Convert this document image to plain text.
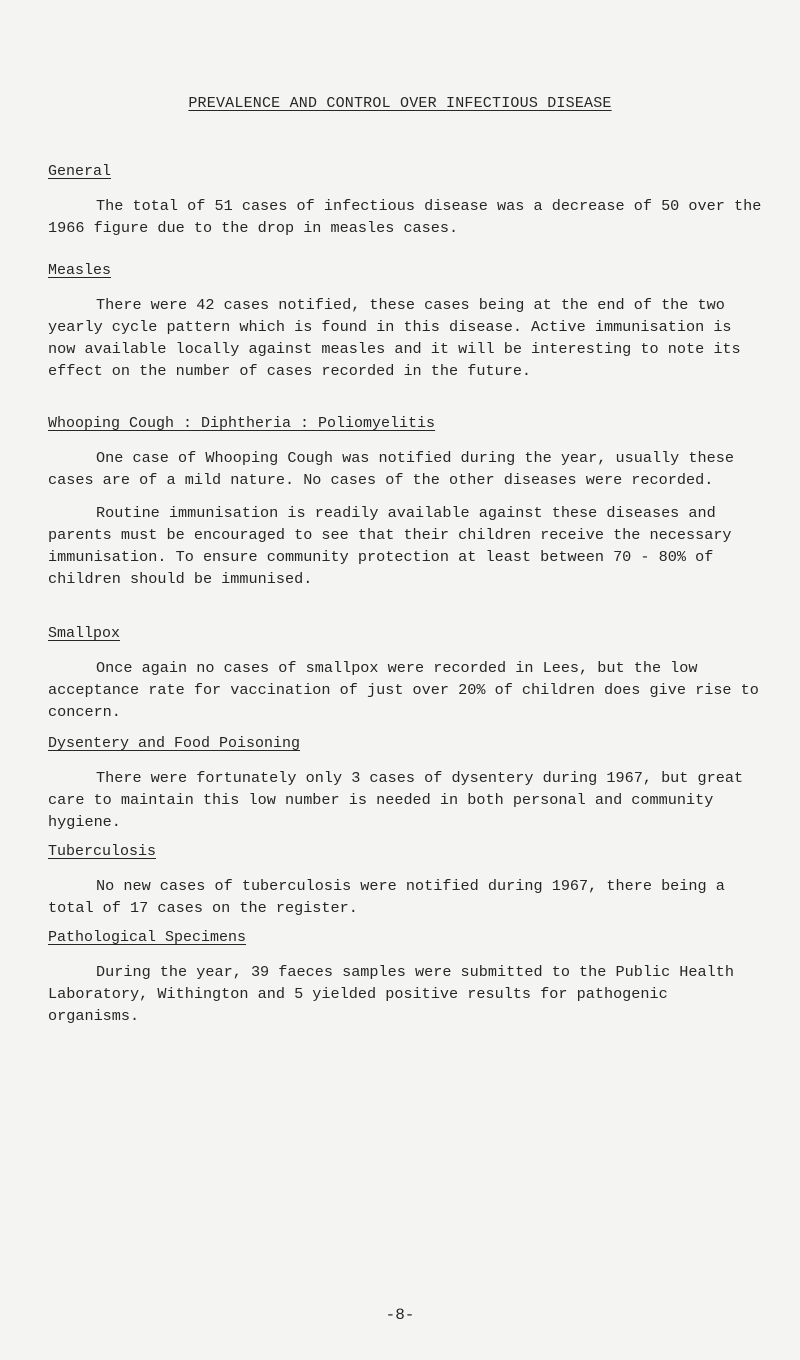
PREVALENCE AND CONTROL OVER INFECTIOUS DISEASE
General

The total of 51 cases of infectious disease was a decrease of 50 over the 1966 figure due to the drop in measles cases.

Measles

There were 42 cases notified, these cases being at the end of the two yearly cycle pattern which is found in this disease. Active immunisation is now available locally against measles and it will be interesting to note its effect on the number of cases recorded in the future.

Whooping Cough : Diphtheria : Poliomyelitis

One case of Whooping Cough was notified during the year, usually these cases are of a mild nature. No cases of the other diseases were recorded.

Routine immunisation is readily available against these diseases and parents must be encouraged to see that their children receive the necessary immunisation. To ensure community protection at least between 70 - 80% of children should be immunised.

Smallpox

Once again no cases of smallpox were recorded in Lees, but the low acceptance rate for vaccination of just over 20% of children does give rise to concern.

Dysentery and Food Poisoning

There were fortunately only 3 cases of dysentery during 1967, but great care to maintain this low number is needed in both personal and community hygiene.

Tuberculosis

No new cases of tuberculosis were notified during 1967, there being a total of 17 cases on the register.

Pathological Specimens

During the year, 39 faeces samples were submitted to the Public Health Laboratory, Withington and 5 yielded positive results for pathogenic organisms.

-8-
